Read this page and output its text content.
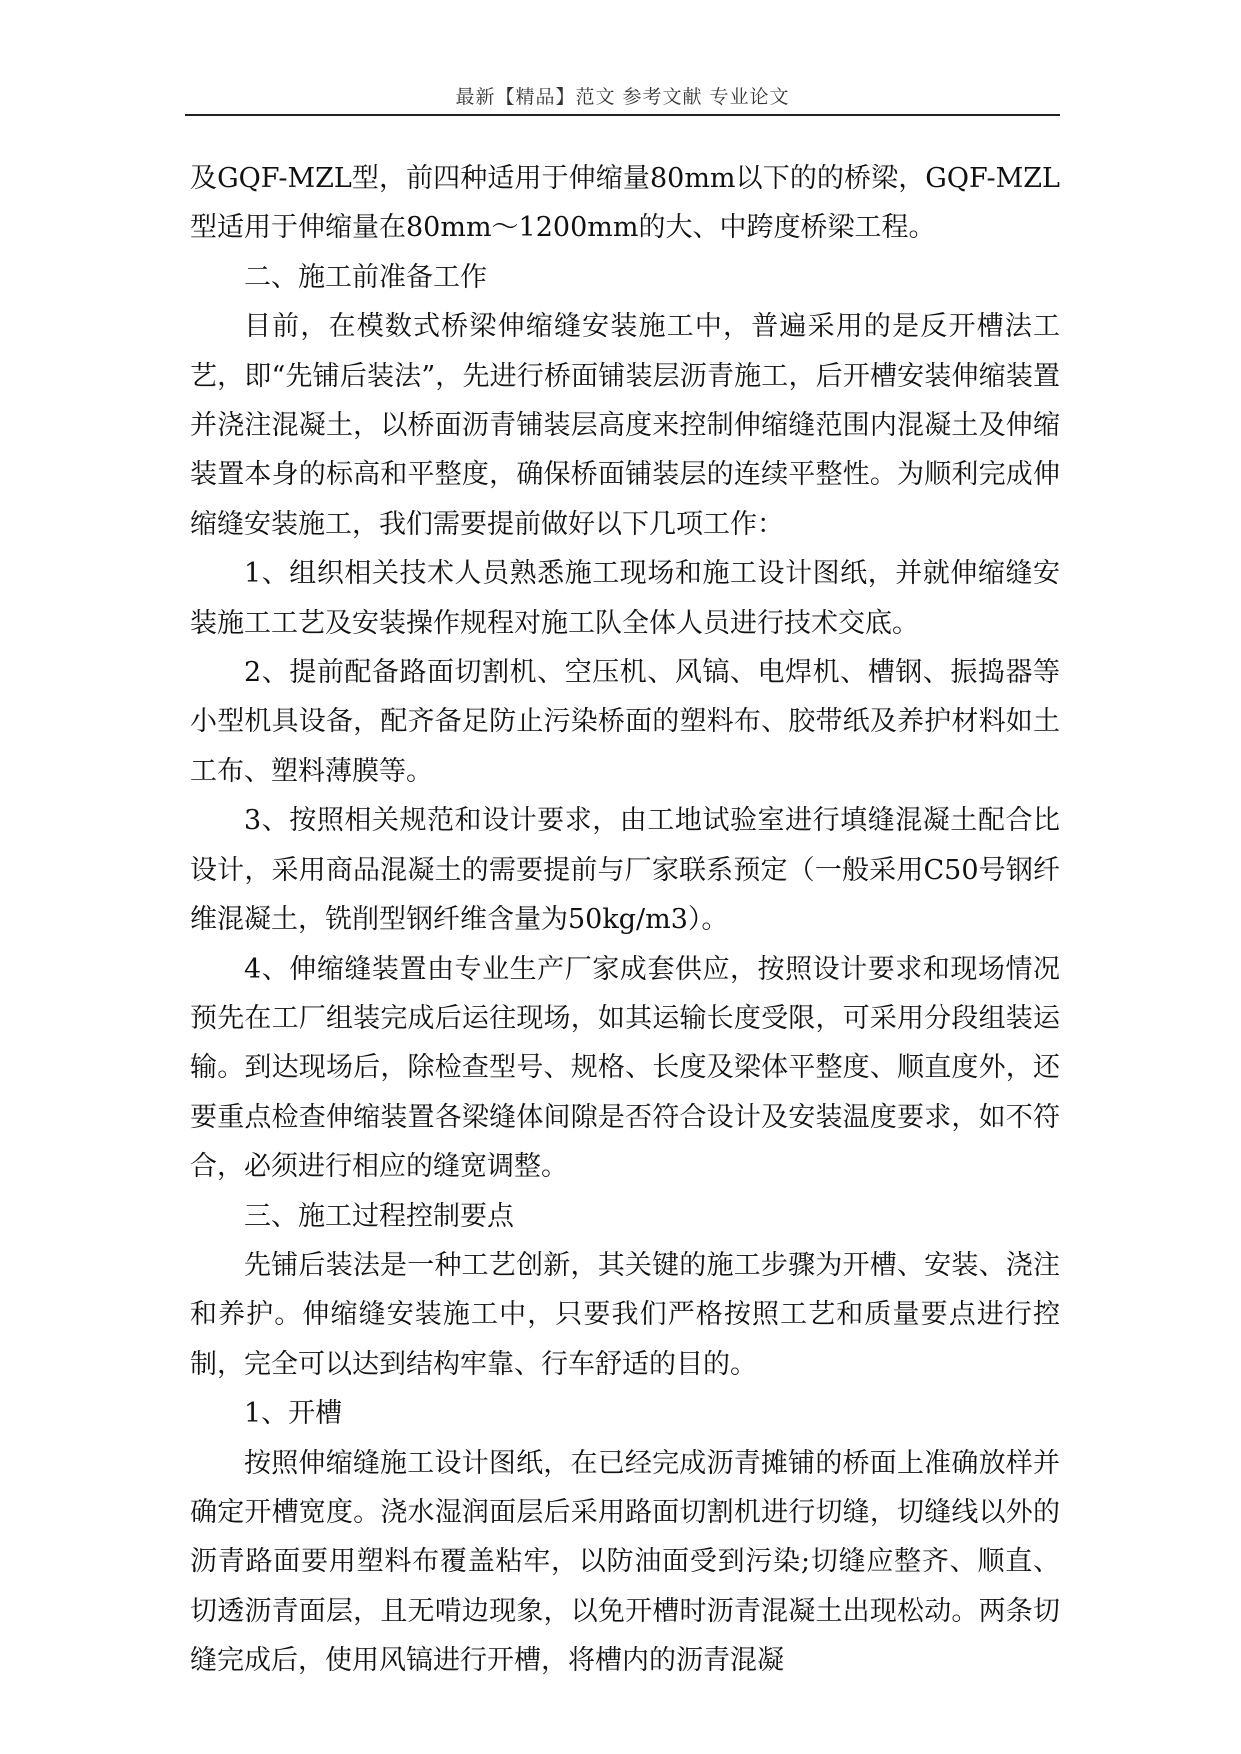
最新【精品】范文 参考文献 专业论文

及GQF-MZL型，前四种适用于伸缩量80mm以下的的桥梁，GQF-MZL型适用于伸缩量在80mm～1200mm的大、中跨度桥梁工程。

二、施工前准备工作

目前，在模数式桥梁伸缩缝安装施工中，普遍采用的是反开槽法工艺，即“先铺后装法”，先进行桥面铺装层沥青施工，后开槽安装伸缩装置并浇注混凝土，以桥面沥青铺装层高度来控制伸缩缝范围内混凝土及伸缩装置本身的标高和平整度，确保桥面铺装层的连续平整性。为顺利完成伸缩缝安装施工，我们需要提前做好以下几项工作：

1、组织相关技术人员熟悉施工现场和施工设计图纸，并就伸缩缝安装施工工艺及安装操作规程对施工队全体人员进行技术交底。

2、提前配备路面切割机、空压机、风镐、电焊机、槽钢、振捣器等小型机具设备，配齐备足防止污染桥面的塑料布、胶带纸及养护材料如土工布、塑料薄膜等。

3、按照相关规范和设计要求，由工地试验室进行填缝混凝土配合比设计，采用商品混凝土的需要提前与厂家联系预定（一般采用C50号钢纤维混凝土，铣削型钢纤维含量为50kg/m3）。

4、伸缩缝装置由专业生产厂家成套供应，按照设计要求和现场情况预先在工厂组装完成后运往现场，如其运输长度受限，可采用分段组装运输。到达现场后，除检查型号、规格、长度及梁体平整度、顺直度外，还要重点检查伸缩装置各梁缝体间隙是否符合设计及安装温度要求，如不符合，必须进行相应的缝宽调整。

三、施工过程控制要点

先铺后装法是一种工艺创新，其关键的施工步骤为开槽、安装、浇注和养护。伸缩缝安装施工中，只要我们严格按照工艺和质量要点进行控制，完全可以达到结构牢靠、行车舒适的目的。

1、开槽

按照伸缩缝施工设计图纸，在已经完成沥青摊铺的桥面上准确放样并确定开槽宽度。浇水湿润面层后采用路面切割机进行切缝，切缝线以外的沥青路面要用塑料布覆盖粘牢，以防油面受到污染;切缝应整齐、顺直、切透沥青面层，且无啃边现象，以免开槽时沥青混凝土出现松动。两条切缝完成后，使用风镐进行开槽，将槽内的沥青混凝
